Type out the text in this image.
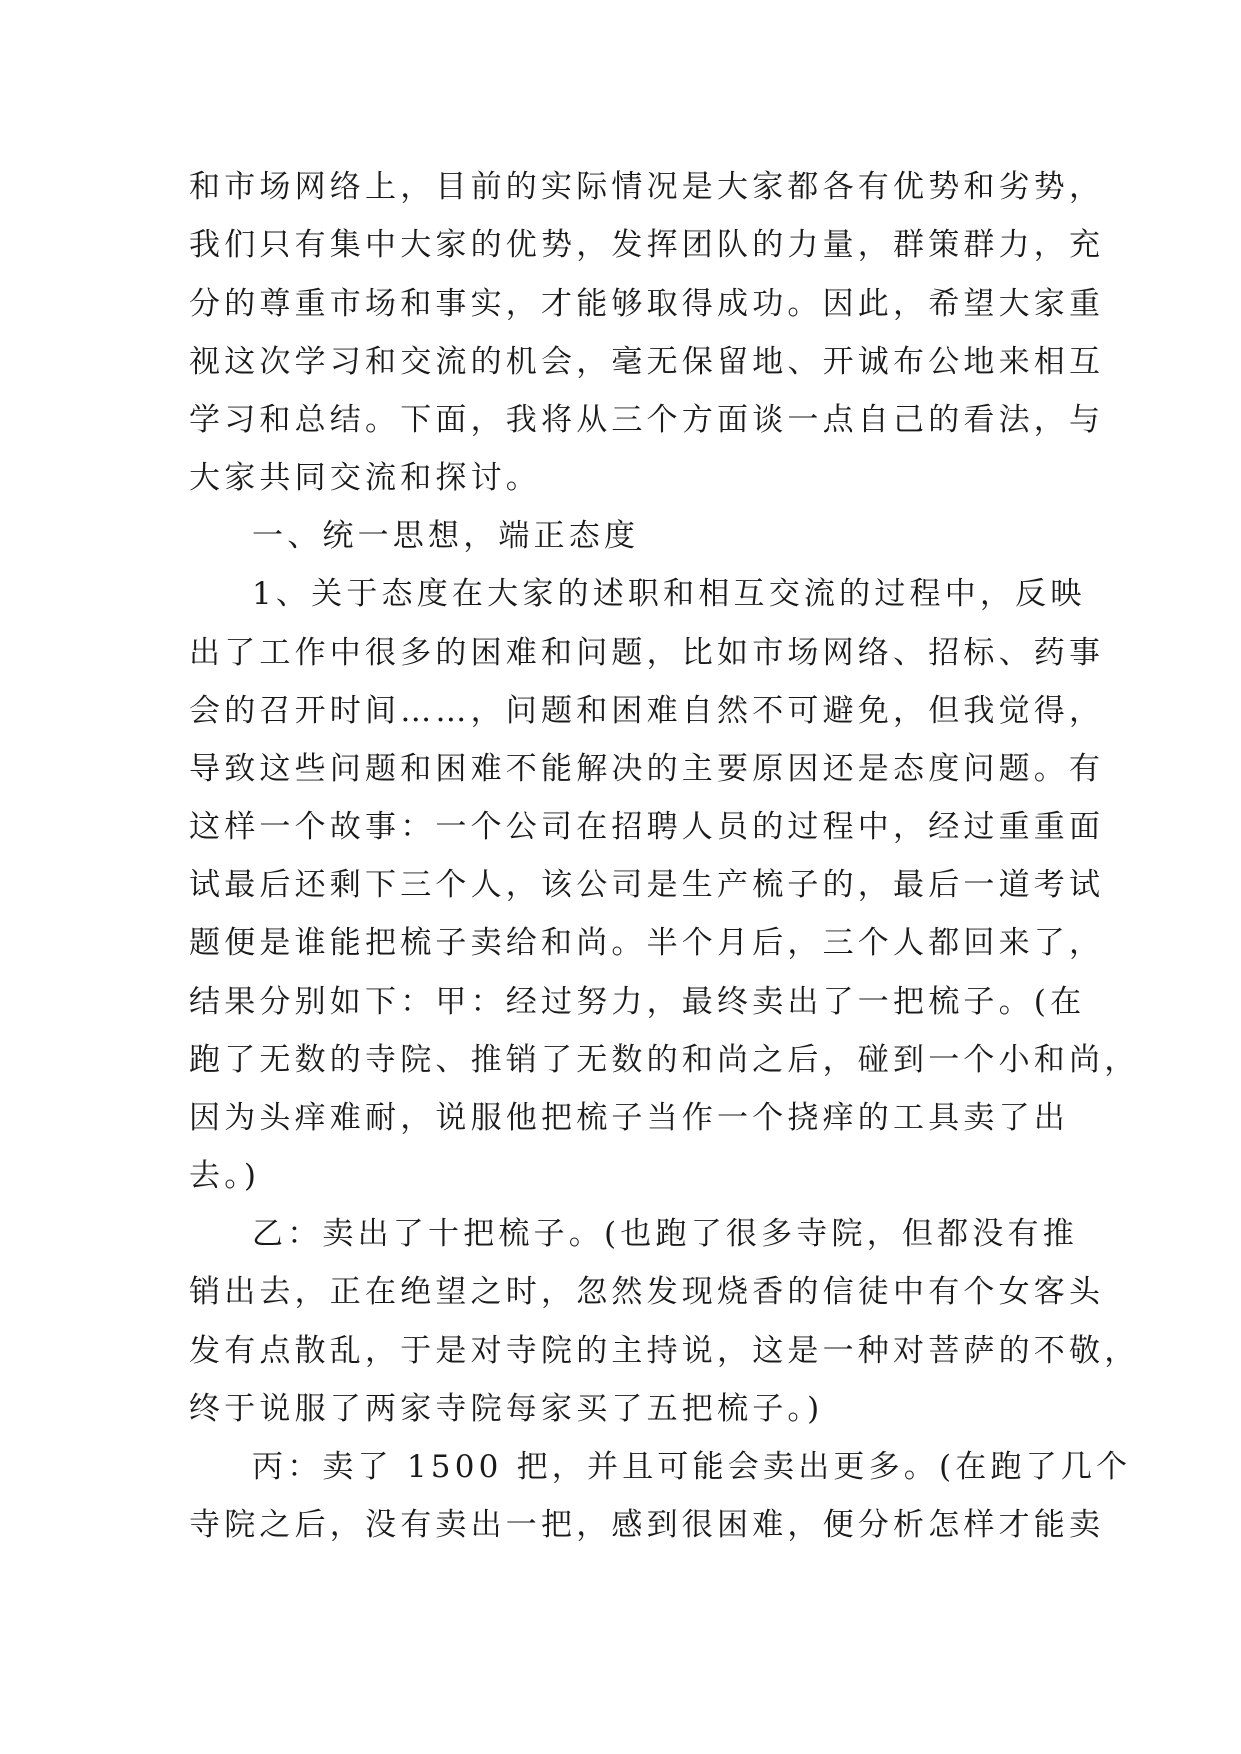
和市场网络上，目前的实际情况是大家都各有优势和劣势，
我们只有集中大家的优势，发挥团队的力量，群策群力，充
分的尊重市场和事实，才能够取得成功。因此，希望大家重
视这次学习和交流的机会，毫无保留地、开诚布公地来相互
学习和总结。下面，我将从三个方面谈一点自己的看法，与
大家共同交流和探讨。
一、统一思想，端正态度
1、关于态度在大家的述职和相互交流的过程中，反映
出了工作中很多的困难和问题，比如市场网络、招标、药事
会的召开时间……，问题和困难自然不可避免，但我觉得，
导致这些问题和困难不能解决的主要原因还是态度问题。有
这样一个故事：一个公司在招聘人员的过程中，经过重重面
试最后还剩下三个人，该公司是生产梳子的，最后一道考试
题便是谁能把梳子卖给和尚。半个月后，三个人都回来了，
结果分别如下：甲：经过努力，最终卖出了一把梳子。(在
跑了无数的寺院、推销了无数的和尚之后，碰到一个小和尚，
因为头痒难耐，说服他把梳子当作一个挠痒的工具卖了出
去。)
乙：卖出了十把梳子。(也跑了很多寺院，但都没有推
销出去，正在绝望之时，忽然发现烧香的信徒中有个女客头
发有点散乱，于是对寺院的主持说，这是一种对菩萨的不敬，
终于说服了两家寺院每家买了五把梳子。)
丙：卖了 1500 把，并且可能会卖出更多。(在跑了几个
寺院之后，没有卖出一把，感到很困难，便分析怎样才能卖
